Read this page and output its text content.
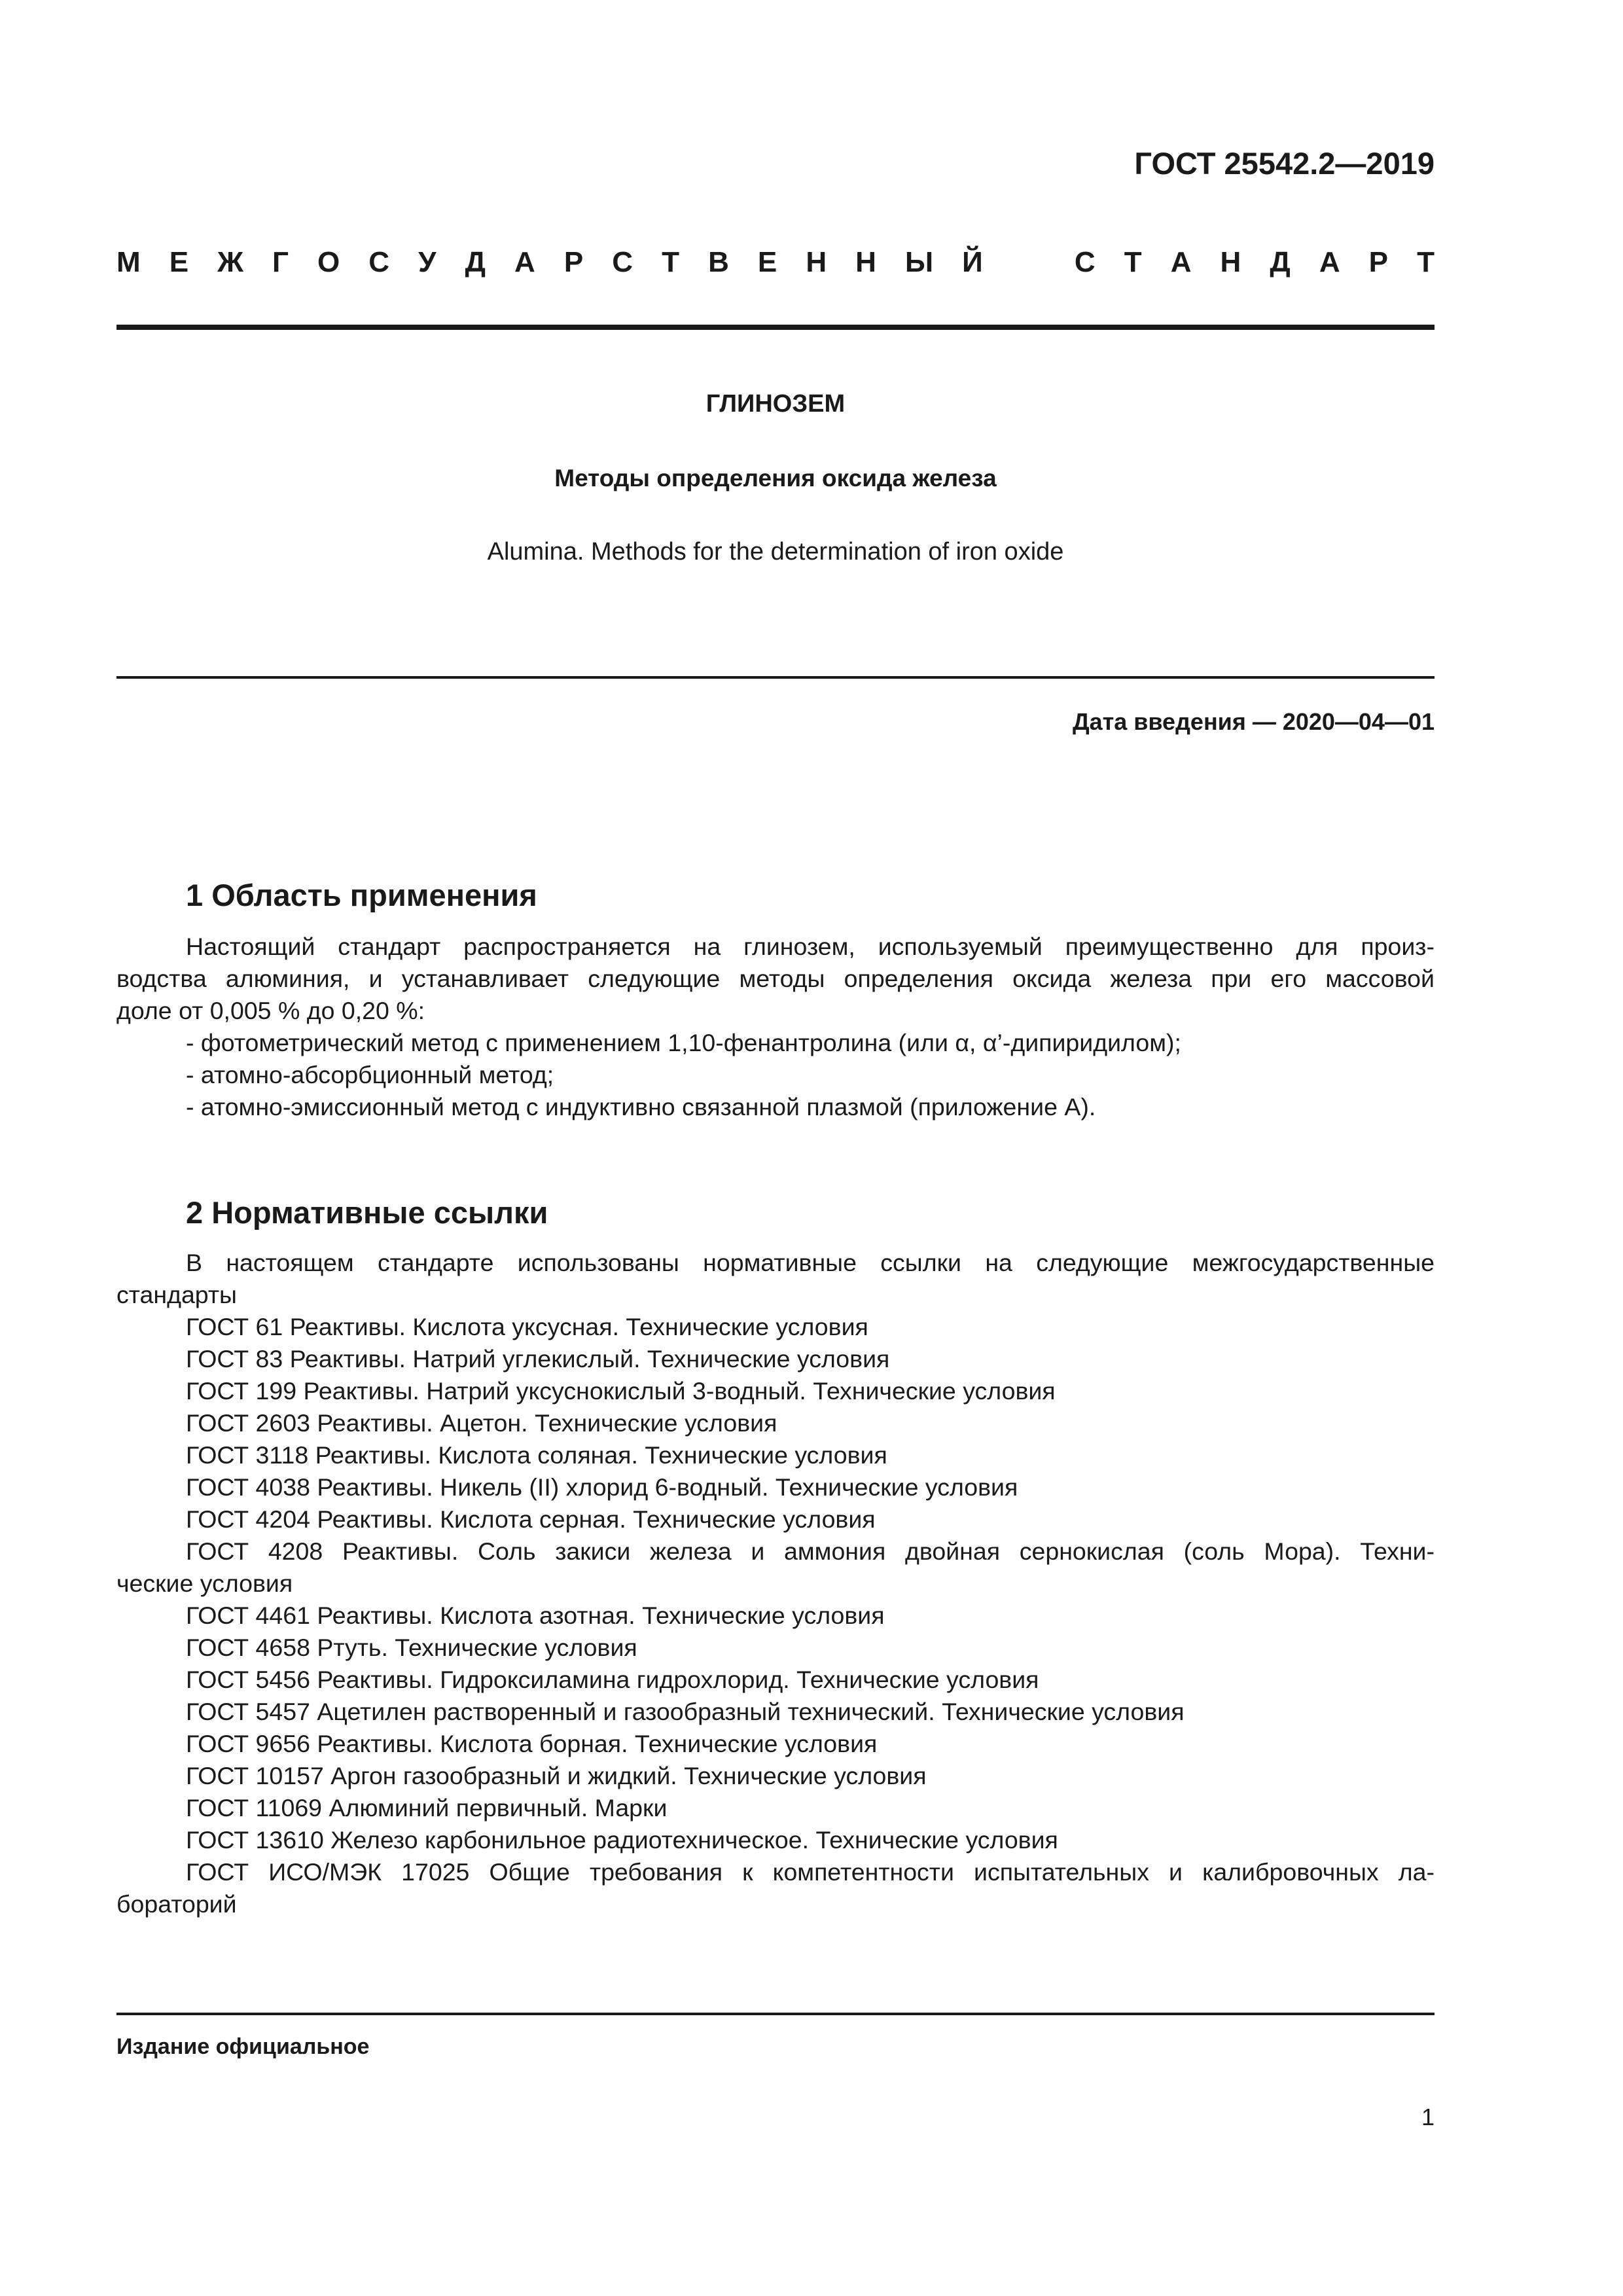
ГОСТ 25542.2—2019
М Е Ж Г О С У Д А Р С Т В Е Н Н Ы Й	С Т А Н Д А Р Т
ГЛИНОЗЕМ
Методы определения оксида железа
Alumina. Methods for the determination of iron oxide
Дата введения — 2020—04—01
1 Область применения
Настоящий стандарт распространяется на глинозем, используемый преимущественно для произ-
водства алюминия, и устанавливает следующие методы определения оксида железа при его массовой
доле от 0,005 % до 0,20 %:
- фотометрический метод с применением 1,10-фенантролина (или α, α’-дипиридилом);
- атомно-абсорбционный метод;
- атомно-эмиссионный метод с индуктивно связанной плазмой (приложение А).
2 Нормативные ссылки
В настоящем стандарте использованы нормативные ссылки на следующие межгосударственные
стандарты
ГОСТ 61 Реактивы. Кислота уксусная. Технические условия
ГОСТ 83 Реактивы. Натрий углекислый. Технические условия
ГОСТ 199 Реактивы. Натрий уксуснокислый 3-водный. Технические условия
ГОСТ 2603 Реактивы. Ацетон. Технические условия
ГОСТ 3118 Реактивы. Кислота соляная. Технические условия
ГОСТ 4038 Реактивы. Никель (II) хлорид 6-водный. Технические условия
ГОСТ 4204 Реактивы. Кислота серная. Технические условия
ГОСТ 4208 Реактивы. Соль закиси железа и аммония двойная сернокислая (соль Мора). Техни-
ческие условия
ГОСТ 4461 Реактивы. Кислота азотная. Технические условия
ГОСТ 4658 Ртуть. Технические условия
ГОСТ 5456 Реактивы. Гидроксиламина гидрохлорид. Технические условия
ГОСТ 5457 Ацетилен растворенный и газообразный технический. Технические условия
ГОСТ 9656 Реактивы. Кислота борная. Технические условия
ГОСТ 10157 Аргон газообразный и жидкий. Технические условия
ГОСТ 11069 Алюминий первичный. Марки
ГОСТ 13610 Железо карбонильное радиотехническое. Технические условия
ГОСТ ИСО/МЭК 17025 Общие требования к компетентности испытательных и калибровочных ла-
бораторий
Издание официальное
1
